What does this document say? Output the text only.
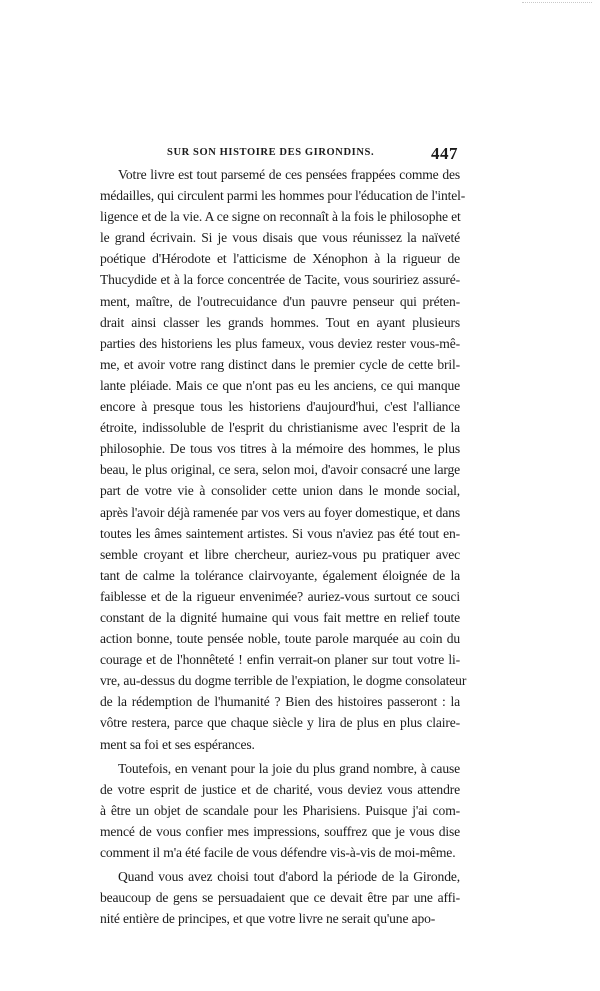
SUR SON HISTOIRE DES GIRONDINS.	447
Votre livre est tout parsemé de ces pensées frappées comme des
médailles, qui circulent parmi les hommes pour l'éducation de l'intel-
ligence et de la vie. A ce signe on reconnaît à la fois le philosophe et
le grand écrivain. Si je vous disais que vous réunissez la naïveté
poétique d'Hérodote et l'atticisme de Xénophon à la rigueur de
Thucydide et à la force concentrée de Tacite, vous souririez assuré-
ment, maître, de l'outrecuidance d'un pauvre penseur qui préten-
drait ainsi classer les grands hommes. Tout en ayant plusieurs
parties des historiens les plus fameux, vous deviez rester vous-mê-
me, et avoir votre rang distinct dans le premier cycle de cette bril-
lante pléiade. Mais ce que n'ont pas eu les anciens, ce qui manque
encore à presque tous les historiens d'aujourd'hui, c'est l'alliance
étroite, indissoluble de l'esprit du christianisme avec l'esprit de la
philosophie. De tous vos titres à la mémoire des hommes, le plus
beau, le plus original, ce sera, selon moi, d'avoir consacré une large
part de votre vie à consolider cette union dans le monde social,
après l'avoir déjà ramenée par vos vers au foyer domestique, et dans
toutes les âmes saintement artistes. Si vous n'aviez pas été tout en-
semble croyant et libre chercheur, auriez-vous pu pratiquer avec
tant de calme la tolérance clairvoyante, également éloignée de la
faiblesse et de la rigueur envenimée? auriez-vous surtout ce souci
constant de la dignité humaine qui vous fait mettre en relief toute
action bonne, toute pensée noble, toute parole marquée au coin du
courage et de l'honnêteté ! enfin verrait-on planer sur tout votre li-
vre, au-dessus du dogme terrible de l'expiation, le dogme consolateur
de la rédemption de l'humanité ? Bien des histoires passeront : la
vôtre restera, parce que chaque siècle y lira de plus en plus claire-
ment sa foi et ses espérances.
Toutefois, en venant pour la joie du plus grand nombre, à cause
de votre esprit de justice et de charité, vous deviez vous attendre
à être un objet de scandale pour les Pharisiens. Puisque j'ai com-
mencé de vous confier mes impressions, souffrez que je vous dise
comment il m'a été facile de vous défendre vis-à-vis de moi-même.
Quand vous avez choisi tout d'abord la période de la Gironde,
beaucoup de gens se persuadaient que ce devait être par une affi-
nité entière de principes, et que votre livre ne serait qu'une apo-
